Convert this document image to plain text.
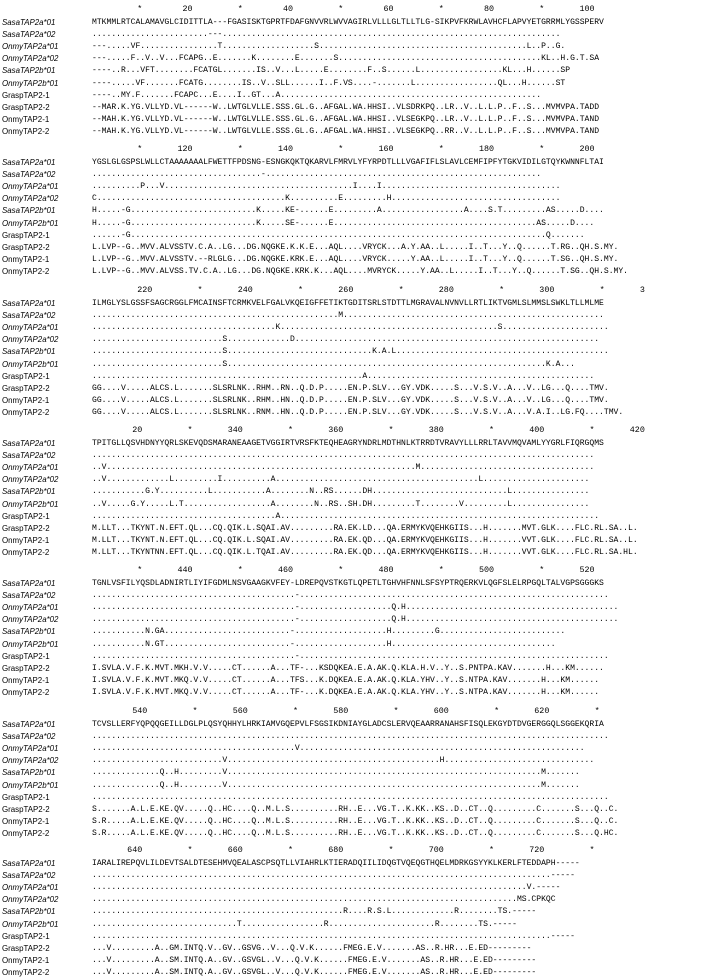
*        20         *        40         *        60         *        80         *       100
SasaTAP2a*01	MTKMMLRTCALAMAVGLCIDITTLA---FGASISKTGPRTFDAFGNVVRLWVVAGIRLVLLLGLTLLTLG-SIKPVFKRWLAVHCFLAPVYETGRRMLYGSSPERV
SasaTAP2a*02	........................---......................................................................
OnmyTAP2a*01	---.....VF................T...................S...........................................L..P..G.
OnmyTAP2a*02	---.....F..V..V...FCAPG..E.......K........E.......S..........................................KL..H.G.T.SA
SasaTAP2b*01	----..R...VFT........FCATGL.......IS..V...L.....E........F..S......L.................KL...H......SP
OnmyTAP2b*01	----.....VF.......FCATG........IS..V..SLL......I..F.VS....-.......L.................QL...H......ST
GraspTAP2-1	----..MY.F.......FCAPC...E....I..GT...A......................................................
GraspTAP2-2	--MAR.K.YG.VLLYD.VL------W..LWTGLVLLE.SSS.GL.G..AFGAL.WA.HHSI..VLSDRKPQ..LR..V..L.L.P..F..S...MVMVPA.TADD
OnmyTAP2-1	--MAH.K.YG.VLLYD.VL------W..LWTGLVLLE.SSS.GL.G..AFGAL.WA.HHSI..VLSEGKPQ..LR..V..L.L.P..F..S...MVMVPA.TAND
OnmyTAP2-2	--MAH.K.YG.VLLYD.VL------W..LWTGLVLLE.SSS.GL.G..AFGAL.WA.HHSI..VLSEGKPQ..RR..V..L.L.P..F..S...MVMVPA.TAND
*       120         *       140         *       160         *       180         *       200
SasaTAP2a*01	YGSLGLGSPSLWLLCTAAAAAAALFWETTFPDSNG-ESNGKQKTQKARVLFMRVLYFYRPDTLLLVGAFIFLSLAVLCEMFIPFYTGKVIDILGTQYKWNNFLTAI
SasaTAP2a*02	...................................-.........................................................
OnmyTAP2a*01	..........P...V.......................................I....I.....................................
OnmyTAP2a*02	C.......................................K..........E.........H...................................
SasaTAP2b*01	H.....-G..........................K.....KE-......E.........A.................A....S.T.........AS.....D....
OnmyTAP2b*01	H.....-G..........................K.....SE-......E..........................................AS.....D....
GraspTAP2-1	......-G......................................................................................Q.......
GraspTAP2-2	L.LVP--G..MVV.ALVSSTV.C.A..LG...DG.NQGKE.K.K.E...AQL....VRYCK...A.Y.AA..L.....I..T...Y..Q......T.RG..QH.S.MY.
OnmyTAP2-1	L.LVP--G..MVV.ALVSSTV.--RLGLG...DG.NQGKE.KRK.E...AQL....VRYCK.....Y.AA..L.....I..T...Y..Q......T.SG..QH.S.MY.
OnmyTAP2-2	L.LVP--G..MVV.ALVSS.TV.C.A..LG...DG.NQGKE.KRK.K...AQL....MVRYCK.....Y.AA..L.....I..T...Y..Q......T.SG..QH.S.MY.
220         *       240         *       260         *       280         *       300         *       3
SasaTAP2a*01	ILMGLYSLGSSFSAGCRGGLFMCAINSFTCRMKVELFGALVKQEIGFFETIKTGDITSRLSTDTTLMGRAVALNVNVLLRTLIKTVGMLSLMMSLSWKLTLLMLME
SasaTAP2a*02	...................................................M......................................................
OnmyTAP2a*01	......................................K.............................................S......................
OnmyTAP2a*02	...........................S.............D...............................................................
SasaTAP2b*01	...........................S..............................K.A.L............................................
OnmyTAP2b*01	...........................S..................................................................K.A...
GraspTAP2-1	........................................................A...............................................
GraspTAP2-2	GG....V.....ALCS.L.......SLSRLNK..RHM..RN..Q.D.P.....EN.P.SLV...GY.VDK.....S...V.S.V..A...V..LG...Q....TMV.
OnmyTAP2-1	GG....V.....ALCS.L.......SLSRLNK..RHM..HN..Q.D.P.....EN.P.SLV...GY.VDK.....S...V.S.V..A...V..LG...Q....TMV.
OnmyTAP2-2	GG....V.....ALCS.L.......SLSRLNK..RNM..HN..Q.D.P.....EN.P.SLV...GY.VDK.....S...V.S.V..A...V.A.I..LG.FQ....TMV.
20         *       340         *       360         *       380         *       400         *       420
SasaTAP2a*01	TPITGLLQSVHDNYYQRLSKEVQDSMARANEAAGETVGGIRTVRSFKTEQHEAGRYNDRLMDTHNLKTRRDTVRAVYLLLRRLTAVVMQVAMLYYGRLFIQRGQMS
SasaTAP2a*02	........................................................................................................
OnmyTAP2a*01	..V................................................................M....................................
OnmyTAP2a*02	..V.............L.........I..........A..........................................L......................
SasaTAP2b*01	...........G.Y..........L...........A........N..RS......DH............................L................
OnmyTAP2b*01	..V.....G.Y.....L.T..................A........N..RS..SH.DH.........T........V.........L................
GraspTAP2-1	......................................A..................................................................
GraspTAP2-2	M.LLT...TKYNT.N.EFT.QL...CQ.QIK.L.SQAI.AV.........RA.EK.LD...QA.ERMYKVQEHKGIIS...H.......MVT.GLK....FLC.RL.SA..L.
OnmyTAP2-1	M.LLT...TKYNT.N.EFT.QL...CQ.QIK.L.SQAI.AV.........RA.EK.QD...QA.ERMYKVQEHKGIIS...H.......VVT.GLK....FLC.RL.SA..L.
OnmyTAP2-2	M.LLT...TKYNTNN.EFT.QL...CQ.QIK.L.TQAI.AV.........RA.EK.QD...QA.ERMYKVQEHKGIIS...H.......VVT.GLK....FLC.RL.SA.HL.
*       440         *       460         *       480         *       500         *       520
SasaTAP2a*01	TGNLVSFILYQSDLADNIRTLIYIFGDMLNSVGAAGKVFEY-LDREPQVSTKGTLQPETLTGHVHFNNLSFSYPTRQERKVLQGFSLELRPGQLTALVGPSGGGKS
SasaTAP2a*02	..........................................-................................................................
OnmyTAP2a*01	..........................................-...................Q.H............................................
OnmyTAP2a*02	..........................................-...................Q.H............................................
SasaTAP2b*01	...........N.GA..........................-...................H.........G..........................
OnmyTAP2b*01	...........N.GT..........................-...................H..................................
GraspTAP2-1	..........................................-................................................................
GraspTAP2-2	I.SVLA.V.F.K.MVT.MKH.V.V.....CT......A...TF-...KSDQKEA.E.A.AK.Q.KLA.H.V..Y..S.PNTPA.KAV.......H...KM......
OnmyTAP2-1	I.SVLA.V.F.K.MVT.MKQ.V.V.....CT......A...TFS...K.DQKEA.E.A.AK.Q.KLA.YHV..Y..S.NTPA.KAV.......H...KM......
OnmyTAP2-2	I.SVLA.V.F.K.MVT.MKQ.V.V.....CT......A...TF-...K.DQKEA.E.A.AK.Q.KLA.YHV..Y..S.NTPA.KAV.......H...KM......
540         *       560         *       580         *       600         *       620         *
SasaTAP2a*01	TCVSLLERFYQPQQGEILLDGLPLQSYQHHYLHRKIAMVGQEPVLFSGSIKDNIAYGLADCSLERVQEAARRANAHSFISQLEKGYDTDVGERGGQLSGGEKQRIA
SasaTAP2a*02	...........................................................................................................
OnmyTAP2a*01	..........................................V...........................................................
OnmyTAP2a*02	...........................V............................................H...............................
SasaTAP2b*01	..............Q..H.........V.................................................................M.......
OnmyTAP2b*01	..............Q..H.........V.................................................................M.......
GraspTAP2-1	...........................................................................................................
GraspTAP2-2	S.......A.L.E.KE.QV.....Q..HC....Q..M.L.S..........RH..E...VG.T..K.KK..KS..D..CT..Q.........C.......S...Q..C.
OnmyTAP2-1	S.R.....A.L.E.KE.QV.....Q..HC....Q..M.L.S..........RH..E...VG.T..K.KK..KS..D..CT..Q.........C.......S...Q..C.
OnmyTAP2-2	S.R.....A.L.E.KE.QV.....Q..HC....Q..M.L.S..........RH..E...VG.T..K.KK..KS..D..CT..Q.........C.......S...Q.HC.
640         *       660         *       680         *       700         *       720         *
SasaTAP2a*01	IARALIREPQVLILDEVTSALDTESEHMVQEALASCPSQTLLVIAHRLKTIERADQIILIDQGTVQEQGTHQELMDRKGSYYKLKERLFTEDDAPH-----
SasaTAP2a*02	...............................................................................................-----
OnmyTAP2a*01	..........................................................................................V.-----
OnmyTAP2a*02	........................................................................................MS.CPKQC
SasaTAP2b*01	....................................................R....R.S.L.............R........TS.-----
OnmyTAP2b*01	..............................T.................R......................R........TS.-----
GraspTAP2-1	...............................................................................................-----
GraspTAP2-2	...V.........A..GM.INTQ.V..GV..GSVG..V...Q.V.K......FMEG.E.V.......AS..R.HR...E.ED---------
OnmyTAP2-1	...V.........A..SM.INTQ.A..GV..GSVGL..V...Q.V.K......FMEG.E.V.......AS..R.HR...E.ED---------
OnmyTAP2-2	...V.........A..SM.INTQ.A..GV..GSVGL..V...Q.V.K......FMEG.E.V.......AS..R.HR...E.ED---------
